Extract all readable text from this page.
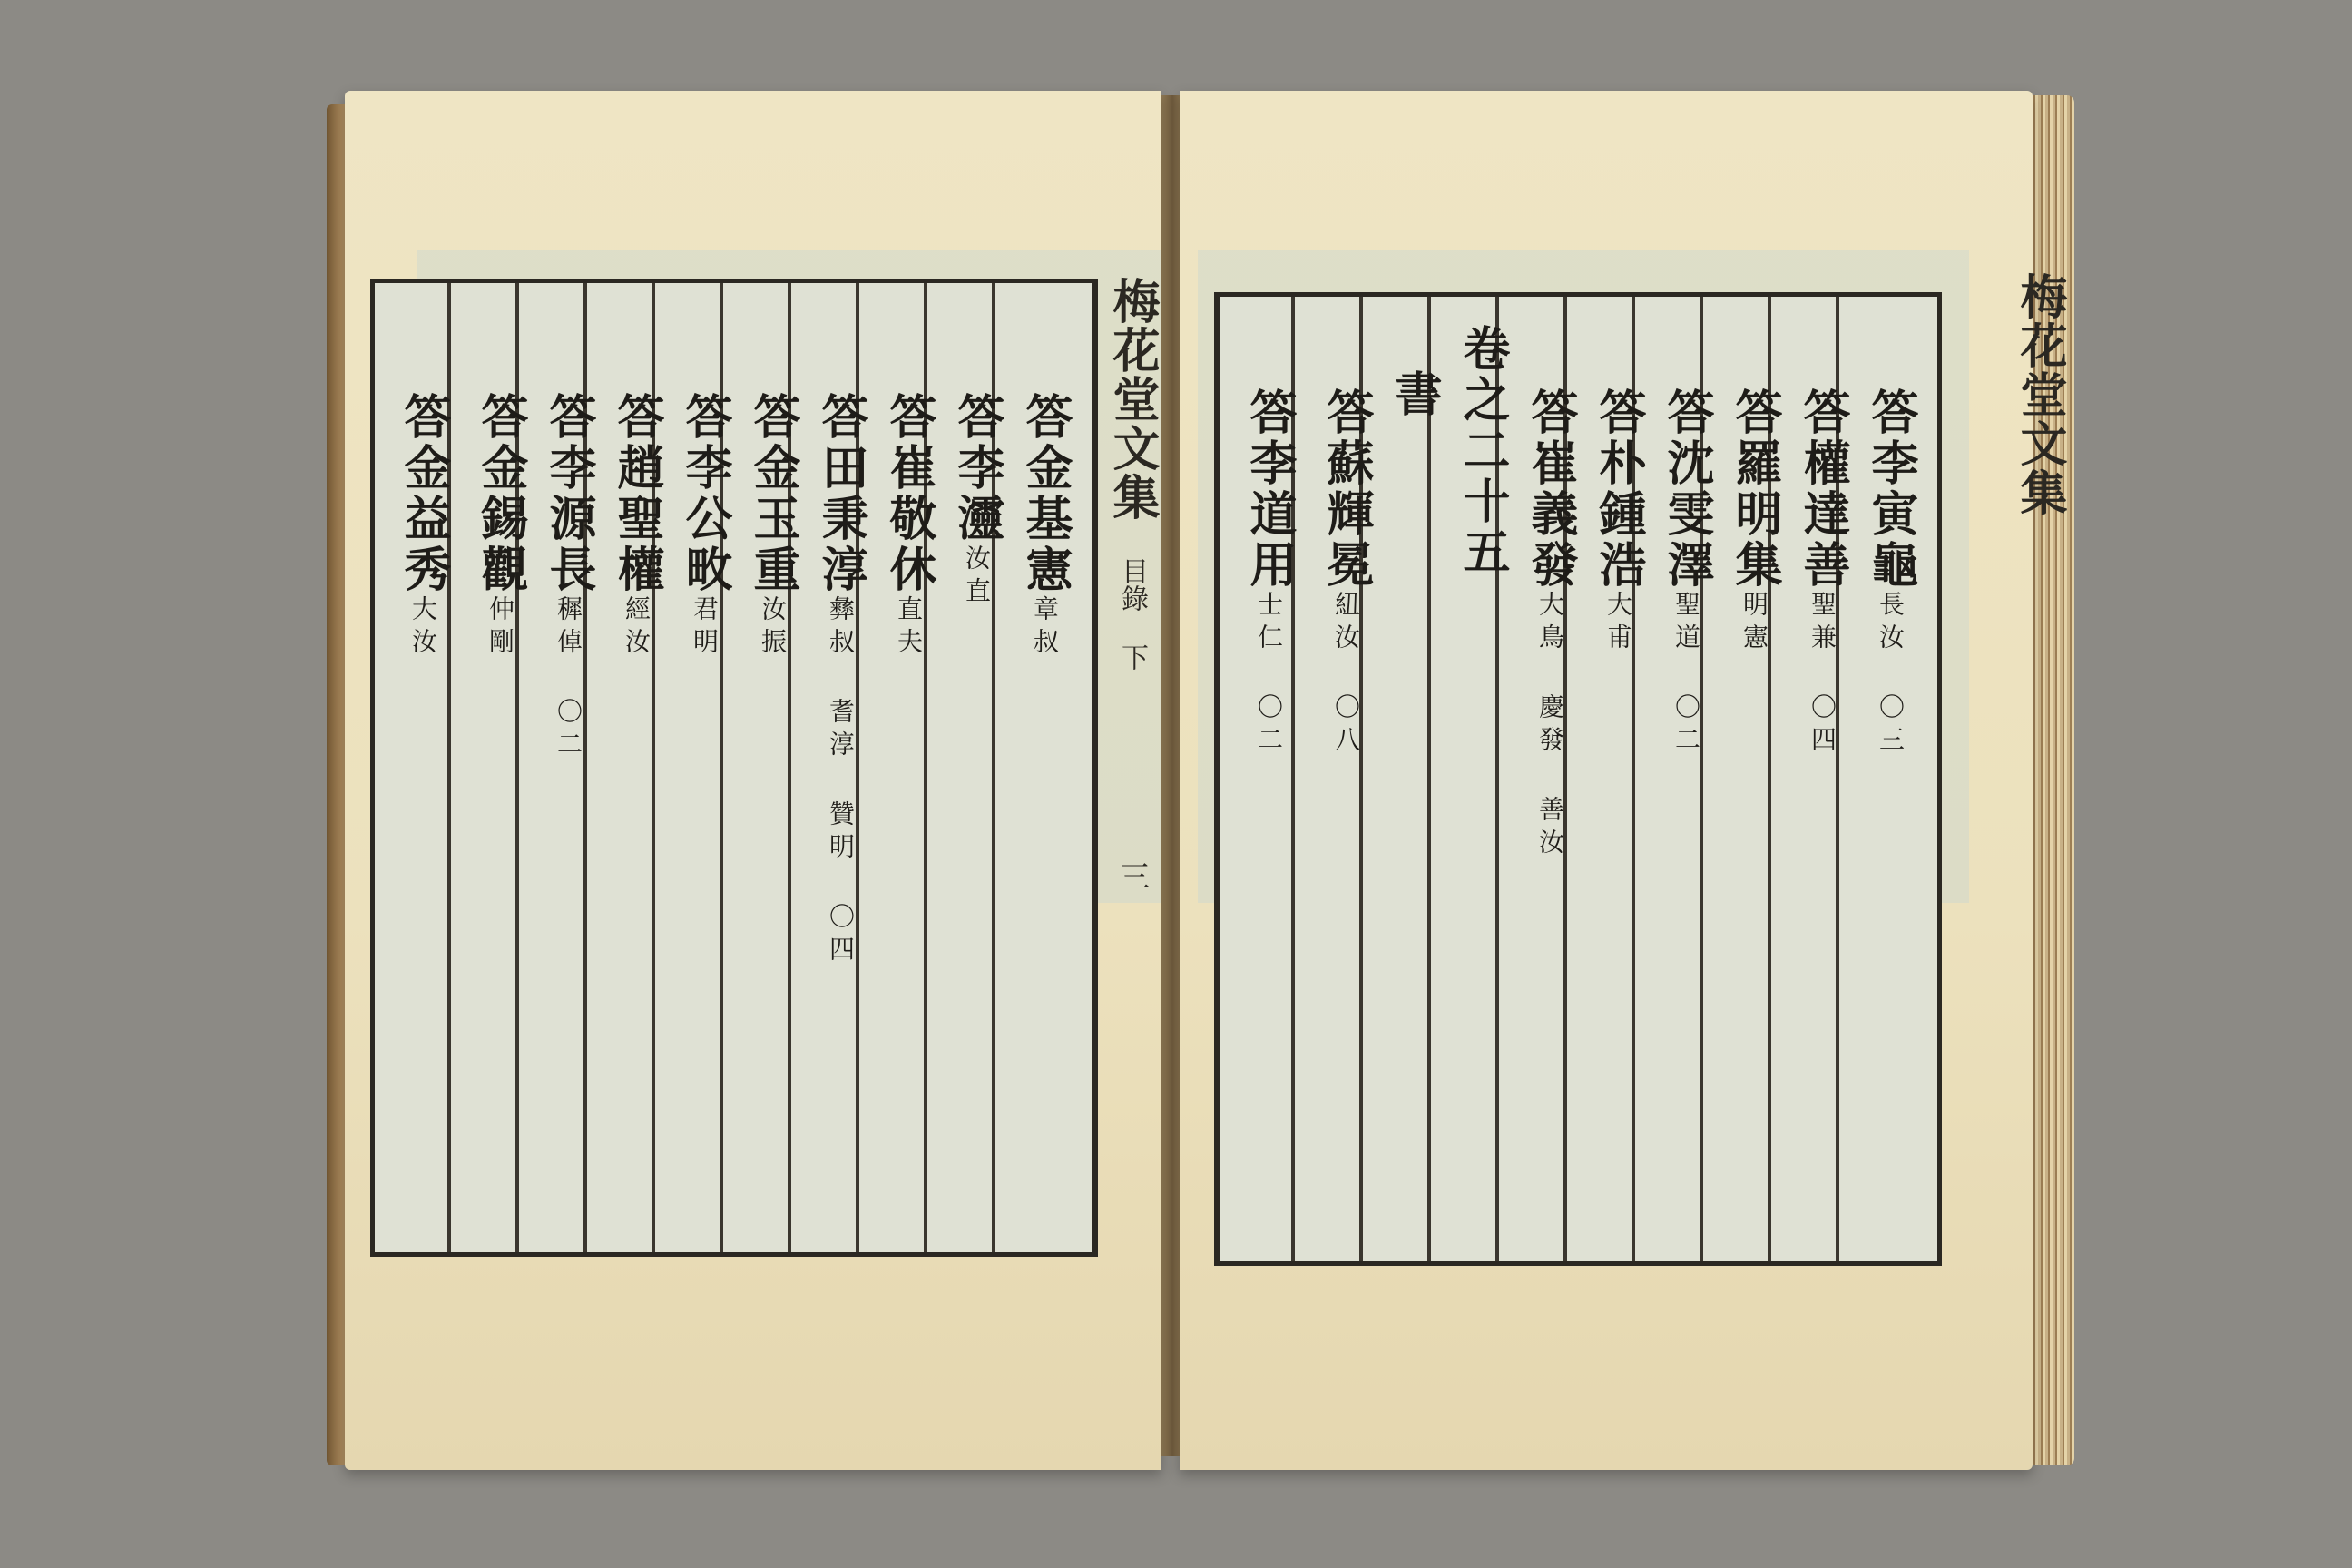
答金基憲章叔
答李𤅷汝直
答崔敬休直夫
答田秉淳彝叔 耆淳 贊明 〇四
答金玉重汝振
答李公畋君明
答趙聖權經汝
答李源長穉倬 〇二
答金錫觀仲剛
答金益秀大汝
梅花堂文集 目錄 下 三
答李寅龜長汝 〇三
答權達善聖兼 〇四
答羅明集明憲
答沈雯澤聖道 〇二
答朴鍾浩大甫
答崔義發大鳥 慶發 善汝
卷之二十五
書
答蘇輝冕紐汝 〇八
答李道用士仁 〇二
梅花堂文集
